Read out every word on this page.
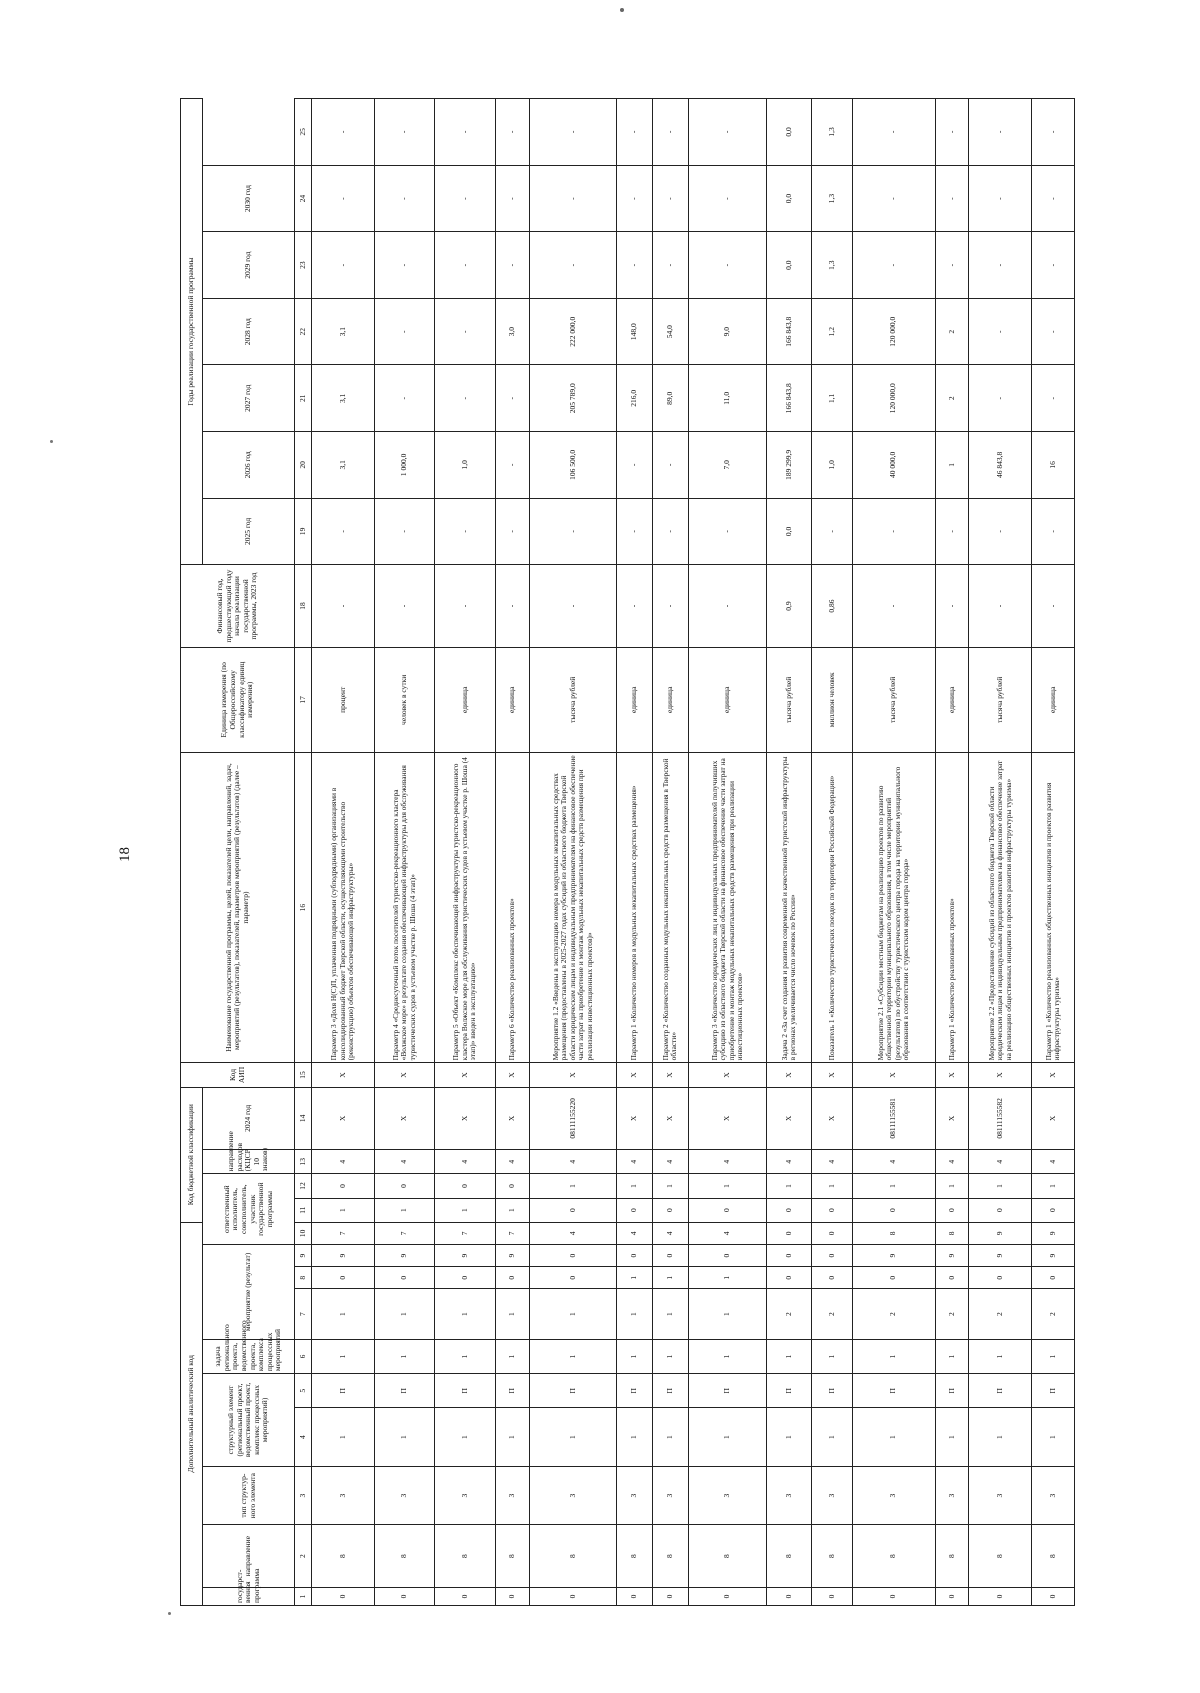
18
Дополнительный аналитический код										Код бюджетной классификации				Код АИП	Наименование государственной программы, целей, показателей цели, направлений, задач, мероприятий (результатов), показателей, параметров мероприятий (результатов) (далее – параметр)	Единица измерения (по Общероссийскому классификатору единиц измерения)	Финансовый год, предшествующий году начала реализации государственной программы, 2023 год	Годы реализации государственной программы						
государст-венная программа	направление	тип структур-ного элемента	структурный элемент (региональный проект, ведомственный проект, комплекс процессных мероприятий)		задача регионального проекта, ведомственного проекта, комплекса процессных мероприятий	мероприятие (результат)			ответственный исполнитель, соисполнитель, участник государственной программы			направление расходов (КЦСР 10 знаков)	2024 год					2025 год	2026 год	2027 год	2028 год	2029 год	2030 год	

1	2	3	4	5	6	7	8	9	10	11	12	13	14	15	16	17	18	19	20	21	22	23	24	25
0	8	3	1	П	1	1	0	9	7	1	0	4	X	X	Параметр 3 «Доля Н(С)П, уплаченная подрядными (субподрядными) организациями в консолидированный бюджет Тверской области, осуществляющими строительство (реконструкцию) объектов обеспечивающей инфраструктуры»	процент	-	-	3,1	3,1	3,1	-	-	-
0	8	3	1	П	1	1	0	9	7	1	0	4	X	X	Параметр 4 «Среднесуточный поток посетителей туристско-рекреационного кластера «Волжское море» в результате создания обеспечивающей инфраструктуры для обслуживания туристических судов в устьевом участке р. Шоша (4 этап)»	человек в сутки	-	-	1 000,0	-	-	-	-	-
0	8	3	1	П	1	1	0	9	7	1	0	4	X	X	Параметр 5 «Объект «Комплекс обеспечивающей инфраструктуры туристско-рекреационного кластера Волжское море для обслуживания туристических судов в устьевом участке р. Шоша (4 этап)» введен в эксплуатацию»	единица	-	-	1,0	-	-	-	-	-
0	8	3	1	П	1	1	0	9	7	1	0	4	X	X	Параметр 6 «Количество реализованных проектов»	единица	-	-	-	-	3,0	-	-	-
0	8	3	1	П	1	1	0	0	4	0	1	4	08111155220	X	Мероприятие 1.2 «Введены в эксплуатацию номера в модульных некапитальных средствах размещения (предоставлены в 2025-2027 годах субсидий из областного бюджета Тверской области юридическим лицам и индивидуальным предпринимателям на финансовое обеспечение части затрат на приобретение и монтаж модульных некапитальных средств размещения при реализации инвестиционных проектов)»	тысяча рублей	-	-	106 500,0	205 789,0	222 000,0	-	-	-
0	8	3	1	П	1	1	1	0	4	0	1	4	X	X	Параметр 1 «Количество номеров в модульных некапитальных средствах размещения»	единица	-	-	-	216,0	148,0	-	-	-
0	8	3	1	П	1	1	1	0	4	0	1	4	X	X	Параметр 2 «Количество созданных модульных некапитальных средств размещения в Тверской области»	единица	-	-	-	89,0	54,0	-	-	-
0	8	3	1	П	1	1	1	0	4	0	1	4	X	X	Параметр 3 «Количество юридических лиц и индивидуальных предпринимателей получивших субсидию из областного бюджета Тверской области на финансовое обеспечение части затрат на приобретение и монтаж модульных некапитальных средств размещения при реализации инвестиционных проектов»	единица	-	-	7,0	11,0	9,0	-	-	-
0	8	3	1	П	1	2	0	0	0	0	1	4	X	X	Задача 2 «За счет создания и развития современной и качественной туристской инфраструктуры в регионах увеличивается число ночевок по России»	тысяча рублей	0,9	0,0	189 299,9	166 843,8	166 843,8	0,0	0,0	0,0
0	8	3	1	П	1	2	0	0	0	0	1	4	X	X	Показатель 1 «Количество туристических поездок по территории Российской Федерации»	миллион человек	0,86	-	1,0	1,1	1,2	1,3	1,3	1,3
0	8	3	1	П	1	2	0	9	8	0	1	4	08111155581	X	Мероприятие 2.1 «Субсидии местным бюджетам на реализацию проектов по развитию общественной территории муниципального образования, в том числе мероприятий (результатов) по обустройству туристического центра города на территории муниципального образования в соответствии с туристским кодом центра города»	тысяча рублей	-	-	40 000,0	120 000,0	120 000,0	-	-	-
0	8	3	1	П	1	2	0	9	8	0	1	4	X	X	Параметр 1 «Количество реализованных проектов»	единица	-	-	1	2	2	-	-	-
0	8	3	1	П	1	2	0	9	9	0	1	4	08111155582	X	Мероприятие 2.2 «Предоставление субсидий из областного бюджета Тверской области юридическим лицам и индивидуальным предпринимателям на финансовое обеспечение затрат на реализацию общественных инициатив и проектов развития инфраструктуры туризма»	тысяча рублей	-	-	46 843,8	-	-	-	-	-
0	8	3	1	П	1	2	0	9	9	0	1	4	X	X	Параметр 1 «Количество реализованных общественных инициатив и проектов развития инфраструктуры туризма»	единица	-	-	16	-	-	-	-	-
